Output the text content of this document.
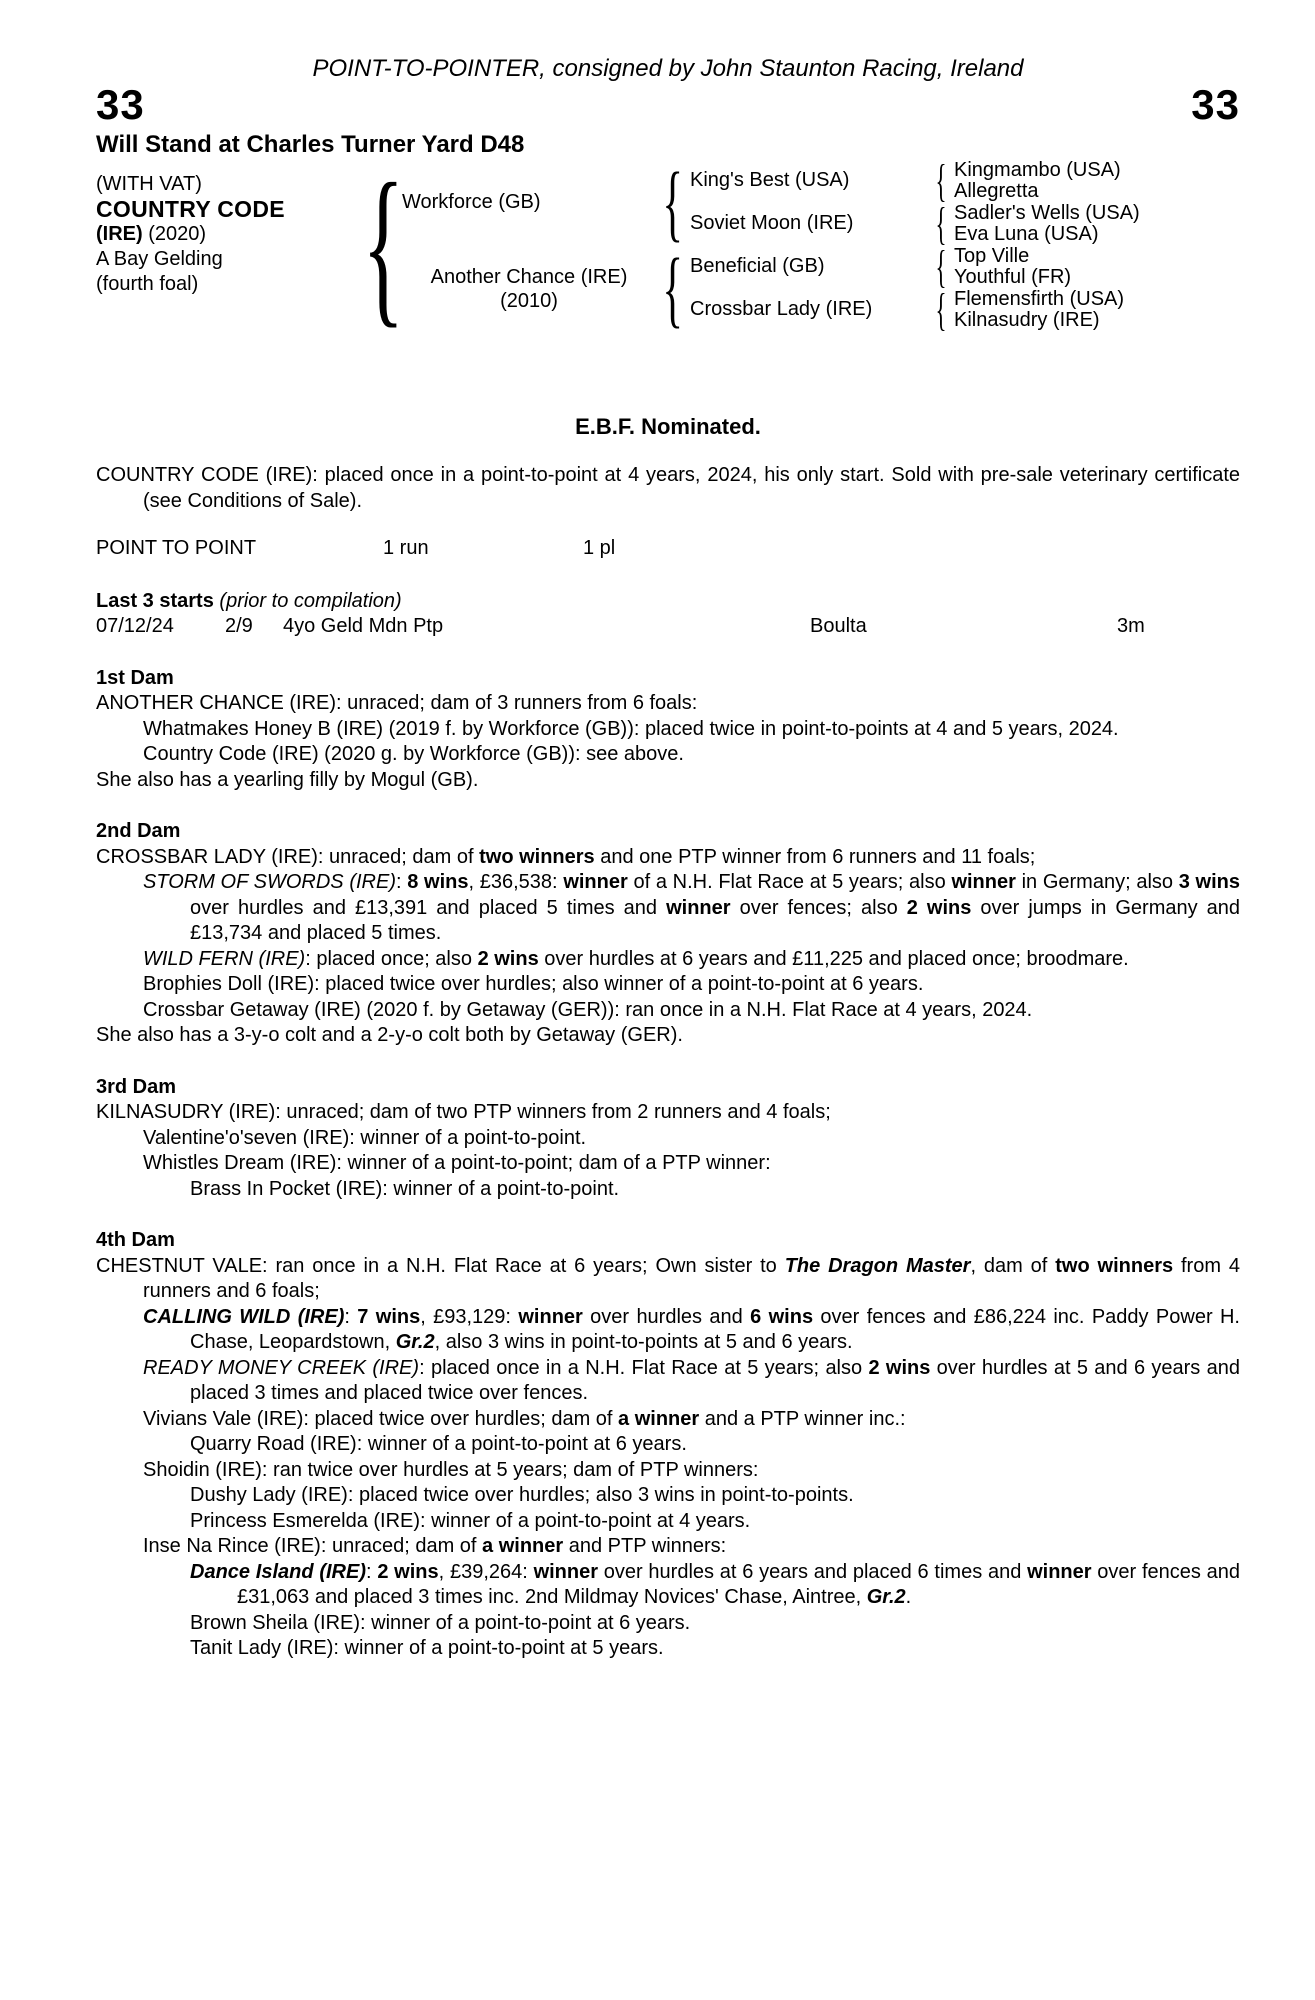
POINT-TO-POINTER, consigned by John Staunton Racing, Ireland
33	33
Will Stand at Charles Turner Yard D48
(WITH VAT)
COUNTRY CODE
(IRE) (2020)
A Bay Gelding
(fourth foal) {
Workforce (GB)
Another Chance (IRE)
(2010)
{
{
King's Best (USA)
Soviet Moon (IRE)
Beneficial (GB)
Crossbar Lady (IRE)
{
{
{
{
Kingmambo (USA)
Allegretta
Sadler's Wells (USA)
Eva Luna (USA)
Top Ville
Youthful (FR)
Flemensfirth (USA)
Kilnasudry (IRE)
E.B.F. Nominated.
COUNTRY CODE (IRE): placed once in a point-to-point at 4 years, 2024, his only start. Sold with pre-sale veterinary certificate (see Conditions of Sale).
POINT TO POINT	1 run	1 pl
Last 3 starts (prior to compilation)
07/12/24	2/9	4yo Geld Mdn Ptp	Boulta	3m
1st Dam
ANOTHER CHANCE (IRE): unraced; dam of 3 runners from 6 foals:
Whatmakes Honey B (IRE) (2019 f. by Workforce (GB)): placed twice in point-to-points at 4 and 5 years, 2024.
Country Code (IRE) (2020 g. by Workforce (GB)): see above.
She also has a yearling filly by Mogul (GB).
2nd Dam
CROSSBAR LADY (IRE): unraced; dam of two winners and one PTP winner from 6 runners and 11 foals;
STORM OF SWORDS (IRE): 8 wins, £36,538: winner of a N.H. Flat Race at 5 years; also winner in Germany; also 3 wins over hurdles and £13,391 and placed 5 times and winner over fences; also 2 wins over jumps in Germany and £13,734 and placed 5 times.
WILD FERN (IRE): placed once; also 2 wins over hurdles at 6 years and £11,225 and placed once; broodmare.
Brophies Doll (IRE): placed twice over hurdles; also winner of a point-to-point at 6 years.
Crossbar Getaway (IRE) (2020 f. by Getaway (GER)): ran once in a N.H. Flat Race at 4 years, 2024.
She also has a 3-y-o colt and a 2-y-o colt both by Getaway (GER).
3rd Dam
KILNASUDRY (IRE): unraced; dam of two PTP winners from 2 runners and 4 foals;
Valentine'o'seven (IRE): winner of a point-to-point.
Whistles Dream (IRE): winner of a point-to-point; dam of a PTP winner:
Brass In Pocket (IRE): winner of a point-to-point.
4th Dam
CHESTNUT VALE: ran once in a N.H. Flat Race at 6 years; Own sister to The Dragon Master, dam of two winners from 4 runners and 6 foals;
CALLING WILD (IRE): 7 wins, £93,129: winner over hurdles and 6 wins over fences and £86,224 inc. Paddy Power H. Chase, Leopardstown, Gr.2, also 3 wins in point-to-points at 5 and 6 years.
READY MONEY CREEK (IRE): placed once in a N.H. Flat Race at 5 years; also 2 wins over hurdles at 5 and 6 years and placed 3 times and placed twice over fences.
Vivians Vale (IRE): placed twice over hurdles; dam of a winner and a PTP winner inc.:
Quarry Road (IRE): winner of a point-to-point at 6 years.
Shoidin (IRE): ran twice over hurdles at 5 years; dam of PTP winners:
Dushy Lady (IRE): placed twice over hurdles; also 3 wins in point-to-points.
Princess Esmerelda (IRE): winner of a point-to-point at 4 years.
Inse Na Rince (IRE): unraced; dam of a winner and PTP winners:
Dance Island (IRE): 2 wins, £39,264: winner over hurdles at 6 years and placed 6 times and winner over fences and £31,063 and placed 3 times inc. 2nd Mildmay Novices' Chase, Aintree, Gr.2.
Brown Sheila (IRE): winner of a point-to-point at 6 years.
Tanit Lady (IRE): winner of a point-to-point at 5 years.
